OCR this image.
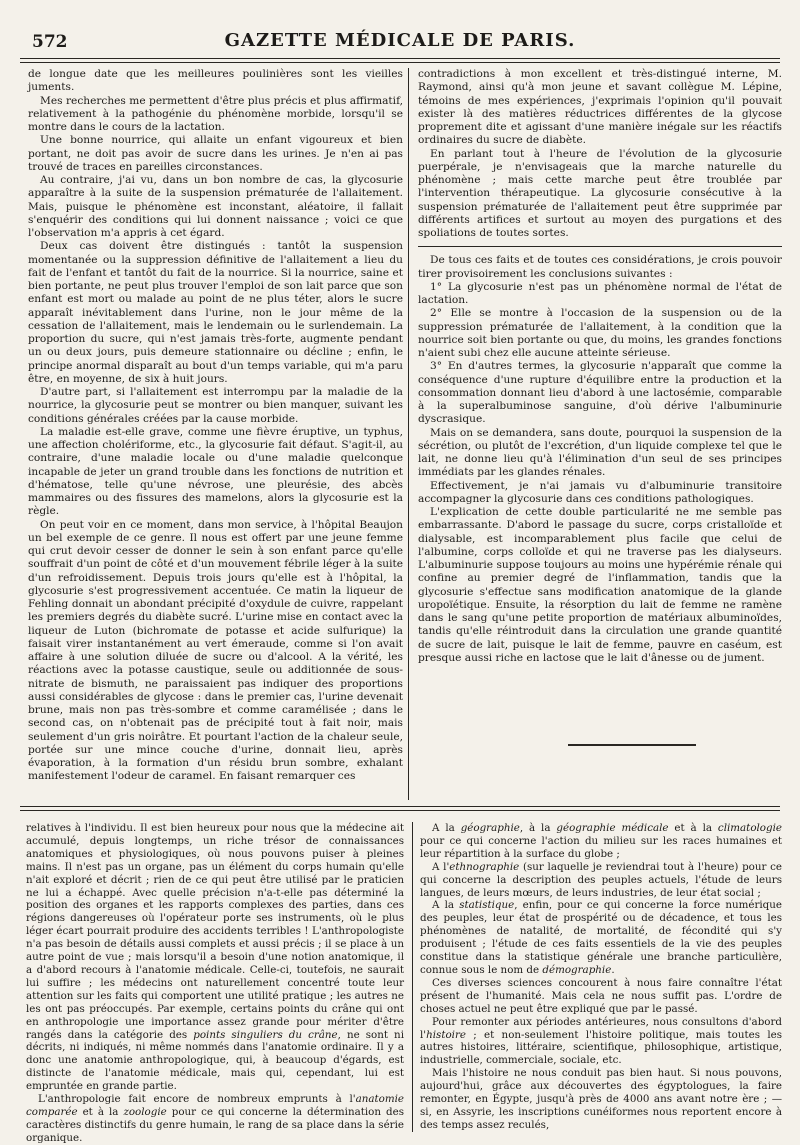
572	GAZETTE MÉDICALE DE PARIS.

de longue date que les meilleures poulinières sont les vieilles juments.

Mes recherches me permettent d'être plus précis et plus affirmatif, relativement à la pathogénie du phénomène morbide, lorsqu'il se montre dans le cours de la lactation.

Une bonne nourrice, qui allaite un enfant vigoureux et bien portant, ne doit pas avoir de sucre dans les urines. Je n'en ai pas trouvé de traces en pareilles circonstances.

Au contraire, j'ai vu, dans un bon nombre de cas, la glycosurie apparaître à la suite de la suspension prématurée de l'allaitement. Mais, puisque le phénomène est inconstant, aléatoire, il fallait s'enquérir des conditions qui lui donnent naissance ; voici ce que l'observation m'a appris à cet égard.

Deux cas doivent être distingués : tantôt la suspension momentanée ou la suppression définitive de l'allaitement a lieu du fait de l'enfant et tantôt du fait de la nourrice. Si la nourrice, saine et bien portante, ne peut plus trouver l'emploi de son lait parce que son enfant est mort ou malade au point de ne plus téter, alors le sucre apparaît inévitablement dans l'urine, non le jour même de la cessation de l'allaitement, mais le lendemain ou le surlendemain. La proportion du sucre, qui n'est jamais très-forte, augmente pendant un ou deux jours, puis demeure stationnaire ou décline ; enfin, le principe anormal disparaît au bout d'un temps variable, qui m'a paru être, en moyenne, de six à huit jours.

D'autre part, si l'allaitement est interrompu par la maladie de la nourrice, la glycosurie peut se montrer ou bien manquer, suivant les conditions générales créées par la cause morbide.

La maladie est-elle grave, comme une fièvre éruptive, un typhus, une affection cholériforme, etc., la glycosurie fait défaut. S'agit-il, au contraire, d'une maladie locale ou d'une maladie quelconque incapable de jeter un grand trouble dans les fonctions de nutrition et d'hématose, telle qu'une névrose, une pleurésie, des abcès mammaires ou des fissures des mamelons, alors la glycosurie est la règle.

On peut voir en ce moment, dans mon service, à l'hôpital Beaujon un bel exemple de ce genre. Il nous est offert par une jeune femme qui crut devoir cesser de donner le sein à son enfant parce qu'elle souffrait d'un point de côté et d'un mouvement fébrile léger à la suite d'un refroidissement. Depuis trois jours qu'elle est à l'hôpital, la glycosurie s'est progressivement accentuée. Ce matin la liqueur de Fehling donnait un abondant précipité d'oxydule de cuivre, rappelant les premiers degrés du diabète sucré. L'urine mise en contact avec la liqueur de Luton (bichromate de potasse et acide sulfurique) la faisait virer instantanément au vert émeraude, comme si l'on avait affaire à une solution diluée de sucre ou d'alcool. A la vérité, les réactions avec la potasse caustique, seule ou additionnée de sous-nitrate de bismuth, ne paraissaient pas indiquer des proportions aussi considérables de glycose : dans le premier cas, l'urine devenait brune, mais non pas très-sombre et comme caramélisée ; dans le second cas, on n'obtenait pas de précipité tout à fait noir, mais seulement d'un gris noirâtre. Et pourtant l'action de la chaleur seule, portée sur une mince couche d'urine, donnait lieu, après évaporation, à la formation d'un résidu brun sombre, exhalant manifestement l'odeur de caramel. En faisant remarquer ces

contradictions à mon excellent et très-distingué interne, M. Raymond, ainsi qu'à mon jeune et savant collègue M. Lépine, témoins de mes expériences, j'exprimais l'opinion qu'il pouvait exister là des matières réductrices différentes de la glycose proprement dite et agissant d'une manière inégale sur les réactifs ordinaires du sucre de diabète.

En parlant tout à l'heure de l'évolution de la glycosurie puerpérale, je n'envisageais que la marche naturelle du phénomène ; mais cette marche peut être troublée par l'intervention thérapeutique. La glycosurie consécutive à la suspension prématurée de l'allaitement peut être supprimée par différents artifices et surtout au moyen des purgations et des spoliations de toutes sortes.

De tous ces faits et de toutes ces considérations, je crois pouvoir tirer provisoirement les conclusions suivantes :

1° La glycosurie n'est pas un phénomène normal de l'état de lactation.

2° Elle se montre à l'occasion de la suspension ou de la suppression prématurée de l'allaitement, à la condition que la nourrice soit bien portante ou que, du moins, les grandes fonctions n'aient subi chez elle aucune atteinte sérieuse.

3° En d'autres termes, la glycosurie n'apparaît que comme la conséquence d'une rupture d'équilibre entre la production et la consommation donnant lieu d'abord à une lactosémie, comparable à la superalbuminose sanguine, d'où dérive l'albuminurie dyscrasique.

Mais on se demandera, sans doute, pourquoi la suspension de la sécrétion, ou plutôt de l'excrétion, d'un liquide complexe tel que le lait, ne donne lieu qu'à l'élimination d'un seul de ses principes immédiats par les glandes rénales.

Effectivement, je n'ai jamais vu d'albuminurie transitoire accompagner la glycosurie dans ces conditions pathologiques.

L'explication de cette double particularité ne me semble pas embarrassante. D'abord le passage du sucre, corps cristalloïde et dialysable, est incomparablement plus facile que celui de l'albumine, corps colloïde et qui ne traverse pas les dialyseurs. L'albuminurie suppose toujours au moins une hypérémie rénale qui confine au premier degré de l'inflammation, tandis que la glycosurie s'effectue sans modification anatomique de la glande uropoïétique. Ensuite, la résorption du lait de femme ne ramène dans le sang qu'une petite proportion de matériaux albuminoïdes, tandis qu'elle réintroduit dans la circulation une grande quantité de sucre de lait, puisque le lait de femme, pauvre en caséum, est presque aussi riche en lactose que le lait d'ânesse ou de jument.

relatives à l'individu. Il est bien heureux pour nous que la médecine ait accumulé, depuis longtemps, un riche trésor de connaissances anatomiques et physiologiques, où nous pouvons puiser à pleines mains. Il n'est pas un organe, pas un élément du corps humain qu'elle n'ait exploré et décrit ; rien de ce qui peut être utilisé par le praticien ne lui a échappé. Avec quelle précision n'a-t-elle pas déterminé la position des organes et les rapports complexes des parties, dans ces régions dangereuses où l'opérateur porte ses instruments, où le plus léger écart pourrait produire des accidents terribles ! L'anthropologiste n'a pas besoin de détails aussi complets et aussi précis ; il se place à un autre point de vue ; mais lorsqu'il a besoin d'une notion anatomique, il a d'abord recours à l'anatomie médicale. Celle-ci, toutefois, ne saurait lui suffire ; les médecins ont naturellement concentré toute leur attention sur les faits qui comportent une utilité pratique ; les autres ne les ont pas préoccupés. Par exemple, certains points du crâne qui ont en anthropologie une importance assez grande pour mériter d'être rangés dans la catégorie des points singuliers du crâne, ne sont ni décrits, ni indiqués, ni même nommés dans l'anatomie ordinaire. Il y a donc une anatomie anthropologique, qui, à beaucoup d'égards, est distincte de l'anatomie médicale, mais qui, cependant, lui est empruntée en grande partie.

L'anthropologie fait encore de nombreux emprunts à l'anatomie comparée et à la zoologie pour ce qui concerne la détermination des caractères distinctifs du genre humain, le rang de sa place dans la série organique.

A la géographie, à la géographie médicale et à la climatologie pour ce qui concerne l'action du milieu sur les races humaines et leur répartition à la surface du globe ;

A l'ethnographie (sur laquelle je reviendrai tout à l'heure) pour ce qui concerne la description des peuples actuels, l'étude de leurs langues, de leurs mœurs, de leurs industries, de leur état social ;

A la statistique, enfin, pour ce qui concerne la force numérique des peuples, leur état de prospérité ou de décadence, et tous les phénomènes de natalité, de mortalité, de fécondité qui s'y produisent ; l'étude de ces faits essentiels de la vie des peuples constitue dans la statistique générale une branche particulière, connue sous le nom de démographie.

Ces diverses sciences concourent à nous faire connaître l'état présent de l'humanité. Mais cela ne nous suffit pas. L'ordre de choses actuel ne peut être expliqué que par le passé.

Pour remonter aux périodes antérieures, nous consultons d'abord l'histoire ; et non-seulement l'histoire politique, mais toutes les autres histoires, littéraire, scientifique, philosophique, artistique, industrielle, commerciale, sociale, etc.

Mais l'histoire ne nous conduit pas bien haut. Si nous pouvons, aujourd'hui, grâce aux découvertes des égyptologues, la faire remonter, en Égypte, jusqu'à près de 4000 ans avant notre ère ; — si, en Assyrie, les inscriptions cunéiformes nous reportent encore à des temps assez reculés,
